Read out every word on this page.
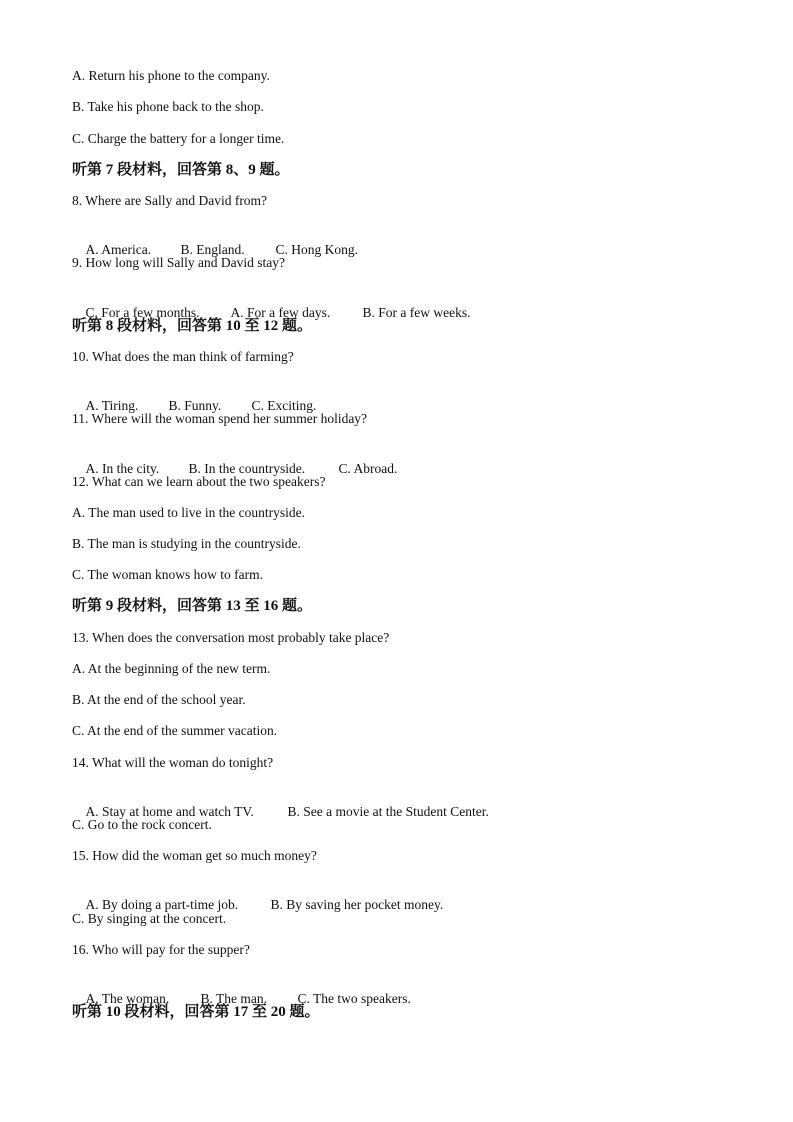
A. Return his phone to the company.
B. Take his phone back to the shop.
C. Charge the battery for a longer time.
听第 7 段材料，回答第 8、9 题。
8. Where are Sally and David from?

A. America. B. England. C. Hong Kong.

9. How long will Sally and David stay?

C. For a few months. A. For a few days. B. For a few weeks.

听第 8 段材料，回答第 10 至 12 题。
10. What does the man think of farming?

A. Tiring. B. Funny. C. Exciting.

11. Where will the woman spend her summer holiday?

A. In the city. B. In the countryside. C. Abroad.

12. What can we learn about the two speakers?
A. The man used to live in the countryside.
B. The man is studying in the countryside.
C. The woman knows how to farm.
听第 9 段材料，回答第 13 至 16 题。
13. When does the conversation most probably take place?
A. At the beginning of the new term.
B. At the end of the school year.
C. At the end of the summer vacation.
14. What will the woman do tonight?

A. Stay at home and watch TV.	B. See a movie at the Student Center.

C. Go to the rock concert.
15. How did the woman get so much money?

A. By doing a part-time job. B. By saving her pocket money.

C. By singing at the concert.
16. Who will pay for the supper?

A. The woman. B. The man. C. The two speakers.

听第 10 段材料，回答第 17 至 20 题。
